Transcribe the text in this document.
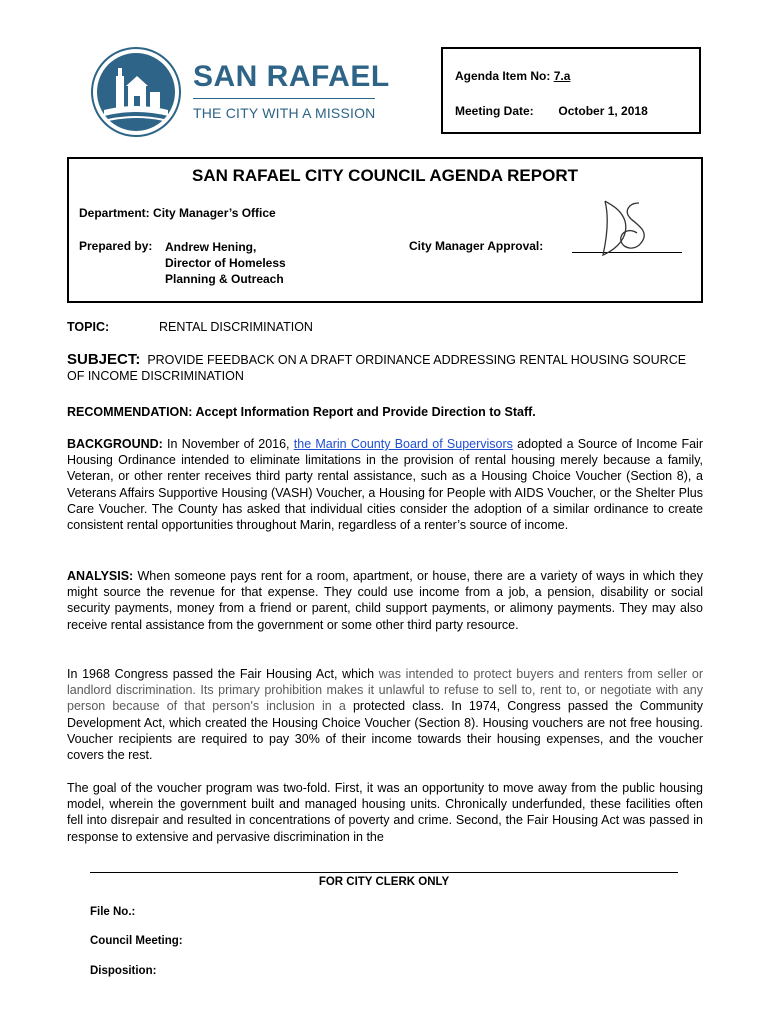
SAN RAFAEL
THE CITY WITH A MISSION
Agenda Item No: 7.a
Meeting Date: October 1, 2018
SAN RAFAEL CITY COUNCIL AGENDA REPORT
Department: City Manager’s Office
Prepared by: Andrew Hening,
Director of Homeless
Planning & Outreach
City Manager Approval:
TOPIC:	RENTAL DISCRIMINATION
SUBJECT: PROVIDE FEEDBACK ON A DRAFT ORDINANCE ADDRESSING RENTAL HOUSING SOURCE OF INCOME DISCRIMINATION
RECOMMENDATION: Accept Information Report and Provide Direction to Staff.
BACKGROUND: In November of 2016, the Marin County Board of Supervisors adopted a Source of Income Fair Housing Ordinance intended to eliminate limitations in the provision of rental housing merely because a family, Veteran, or other renter receives third party rental assistance, such as a Housing Choice Voucher (Section 8), a Veterans Affairs Supportive Housing (VASH) Voucher, a Housing for People with AIDS Voucher, or the Shelter Plus Care Voucher. The County has asked that individual cities consider the adoption of a similar ordinance to create consistent rental opportunities throughout Marin, regardless of a renter’s source of income.
ANALYSIS: When someone pays rent for a room, apartment, or house, there are a variety of ways in which they might source the revenue for that expense. They could use income from a job, a pension, disability or social security payments, money from a friend or parent, child support payments, or alimony payments. They may also receive rental assistance from the government or some other third party resource.
In 1968 Congress passed the Fair Housing Act, which was intended to protect buyers and renters from seller or landlord discrimination. Its primary prohibition makes it unlawful to refuse to sell to, rent to, or negotiate with any person because of that person's inclusion in a protected class. In 1974, Congress passed the Community Development Act, which created the Housing Choice Voucher (Section 8). Housing vouchers are not free housing. Voucher recipients are required to pay 30% of their income towards their housing expenses, and the voucher covers the rest.
The goal of the voucher program was two-fold. First, it was an opportunity to move away from the public housing model, wherein the government built and managed housing units. Chronically underfunded, these facilities often fell into disrepair and resulted in concentrations of poverty and crime. Second, the Fair Housing Act was passed in response to extensive and pervasive discrimination in the
FOR CITY CLERK ONLY
File No.:
Council Meeting:
Disposition:
